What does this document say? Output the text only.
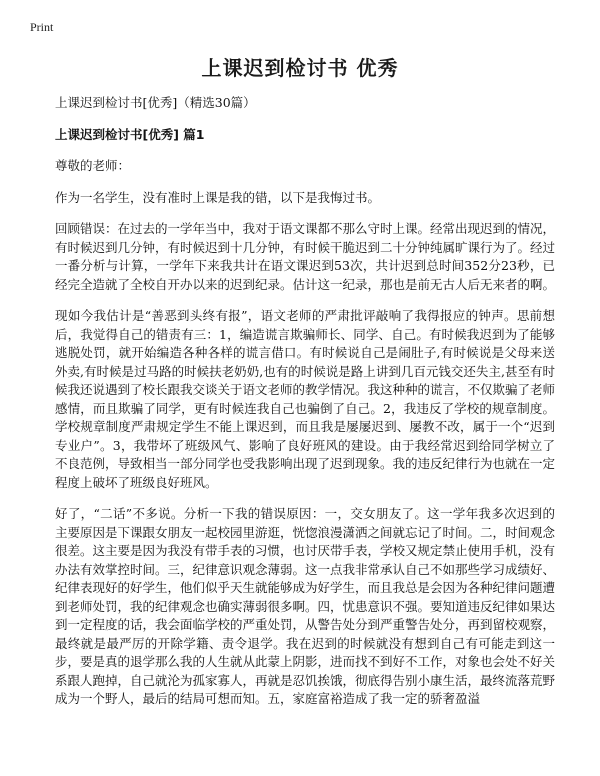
Print
上课迟到检讨书 优秀

上课迟到检讨书[优秀]（精选30篇）

上课迟到检讨书[优秀] 篇1

尊敬的老师：

作为一名学生，没有准时上课是我的错，以下是我悔过书。

回顾错误：在过去的一学年当中，我对于语文课都不那么守时上课。经常出现迟到的情况，有时候迟到几分钟，有时候迟到十几分钟，有时候干脆迟到二十分钟纯属旷课行为了。经过一番分析与计算，一学年下来我共计在语文课迟到53次，共计迟到总时间352分23秒，已经完全造就了全校自开办以来的迟到纪录。估计这一纪录，那也是前无古人后无来者的啊。

现如今我估计是“善恶到头终有报”，语文老师的严肃批评敲响了我得报应的钟声。思前想后，我觉得自己的错责有三：1，编造谎言欺骗师长、同学、自己。有时候我迟到为了能够逃脱处罚，就开始编造各种各样的谎言借口。有时候说自己是闹肚子,有时候说是父母来送外卖,有时候是过马路的时候扶老奶奶,也有的时候说是路上讲到几百元钱交还失主,甚至有时候我还说遇到了校长跟我交谈关于语文老师的教学情况。我这种种的谎言，不仅欺骗了老师感情，而且欺骗了同学，更有时候连我自己也骗倒了自己。2，我违反了学校的规章制度。学校规章制度严肃规定学生不能上课迟到，而且我是屡屡迟到、屡教不改，属于一个“迟到专业户”。3，我带坏了班级风气、影响了良好班风的建设。由于我经常迟到给同学树立了不良范例，导致相当一部分同学也受我影响出现了迟到现象。我的违反纪律行为也就在一定程度上破坏了班级良好班风。

好了，“二话”不多说。分析一下我的错误原因：一，交女朋友了。这一学年我多次迟到的主要原因是下课跟女朋友一起校园里游逛，恍惚浪漫潇洒之间就忘记了时间。二，时间观念很差。这主要是因为我没有带手表的习惯，也讨厌带手表，学校又规定禁止使用手机，没有办法有效掌控时间。三，纪律意识观念薄弱。这一点我非常承认自己不如那些学习成绩好、纪律表现好的好学生，他们似乎天生就能够成为好学生，而且我总是会因为各种纪律问题遭到老师处罚，我的纪律观念也确实薄弱很多啊。四，忧患意识不强。要知道违反纪律如果达到一定程度的话，我会面临学校的严重处罚，从警告处分到严重警告处分，再到留校观察，最终就是最严厉的开除学籍、责令退学。我在迟到的时候就没有想到自己有可能走到这一步，要是真的退学那么我的人生就从此蒙上阴影，进而找不到好不工作，对象也会处不好关系跟人跑掉，自己就沦为孤家寡人，再就是忍饥挨饿，彻底得告别小康生活，最终流落荒野成为一个野人，最后的结局可想而知。五，家庭富裕造成了我一定的骄奢盈溢
